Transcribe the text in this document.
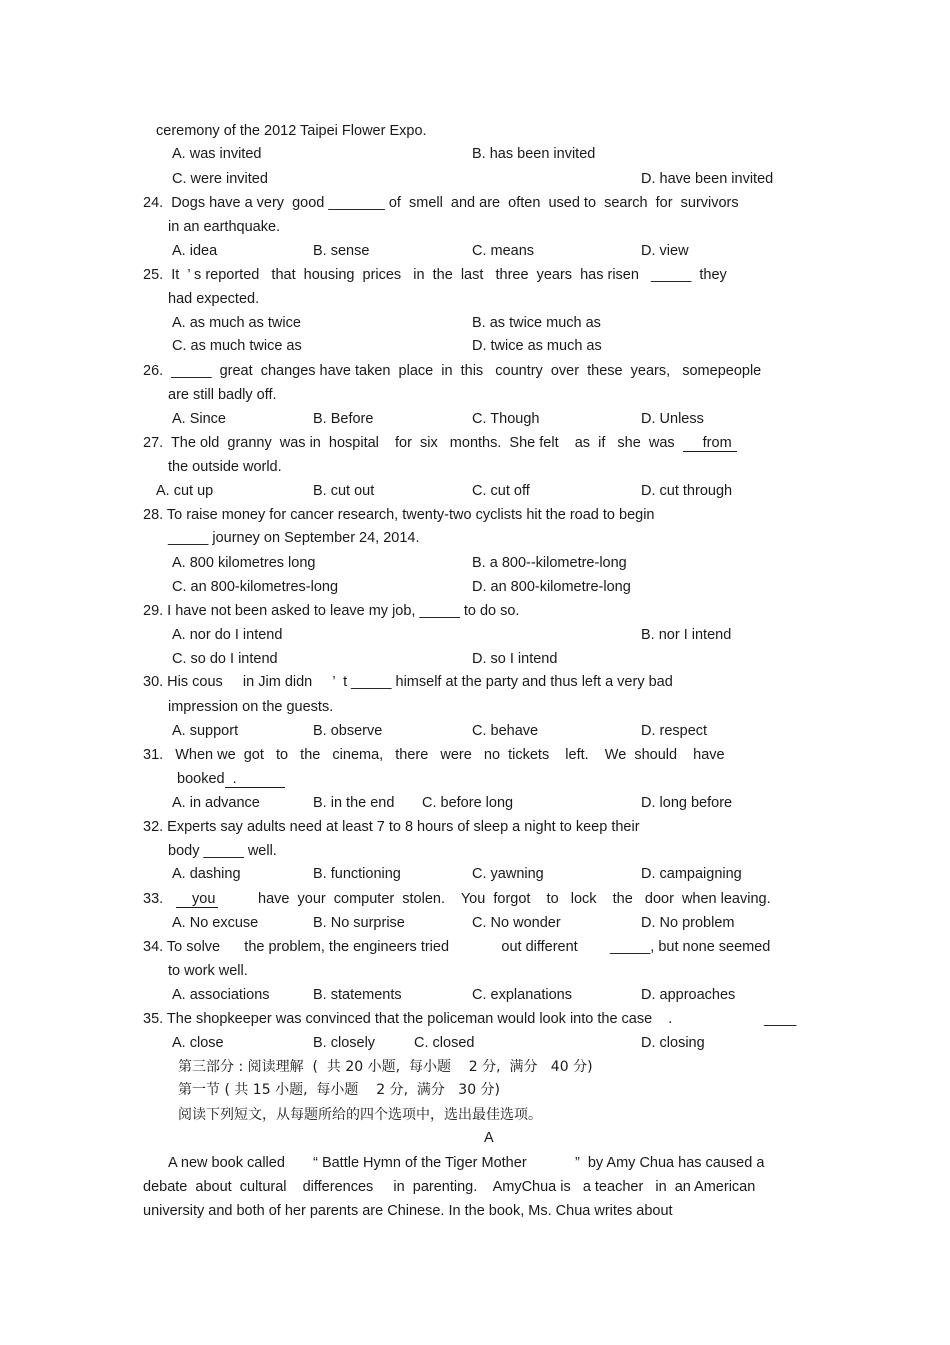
ceremony of the 2012 Taipei Flower Expo.
A. was invited	B. has been invited
C. were invited	D. have been invited
24.  Dogs have a very  good _______ of  smell  and are  often  used to  search  for  survivors
in an earthquake.
A. idea	B. sense	C. means	D. view
25.  It  ’ s reported   that  housing  prices   in  the  last   three  years  has risen   _____  they
had expected.
A. as much as twice	B. as twice much as
C. as much twice as	D. twice as much as
26.  _____  great  changes have taken  place  in  this   country  over  these  years,   somepeople
are still badly off.
A. Since	B. Before	C. Though	D. Unless
27.  The old  granny  was in  hospital    for  six   months.  She felt    as  if   she  was from
the outside world.
A. cut up	B. cut out	C. cut off	D. cut through
28. To raise money for cancer research, twenty-two cyclists hit the road to begin
_____ journey on September 24, 2014.
A. 800 kilometres long	B. a 800--kilometre-long
C. an 800-kilometres-long	D. an 800-kilometre-long
29. I have not been asked to leave my job, _____ to do so.
A. nor do I intend	B. nor I intend
C. so do I intend	D. so I intend
30. His cous     in Jim didn     ’  t _____ himself at the party and thus left a very bad
impression on the guests.
A. support	B. observe	C. behave	D. respect
31.   When we  got   to   the   cinema,   there   were   no  tickets    left.    We  should    have
booked  .
A. in advance	B. in the end C. before long	D. long before
32. Experts say adults need at least 7 to 8 hours of sleep a night to keep their
body _____ well.
A. dashing	B. functioning	C. yawning	D. campaigning
33.	you	have  your  computer  stolen.    You  forgot    to   lock    the   door  when leaving.
A. No excuse	B. No surprise	C. No wonder	D. No problem
34. To solve      the problem, the engineers tried             out different        _____, but none seemed
to work well.
A. associations	B. statements	C. explanations	D. approaches
35. The shopkeeper was convinced that the policeman would look into the case    .	____
A. close	B. closely	C. closed	D. closing
第三部分 : 阅读理解  (  共 20 小题,  每小题    2 分,  满分   40 分)
第一节 ( 共 15 小题,  每小题    2 分,  满分   30 分)
阅读下列短文，从每题所给的四个选项中，选出最佳选项。
A
A new book called       “ Battle Hymn of the Tiger Mother            ”  by Amy Chua has caused a
debate  about  cultural    differences     in  parenting.    AmyChua is   a teacher   in  an American
university and both of her parents are Chinese. In the book, Ms. Chua writes about
